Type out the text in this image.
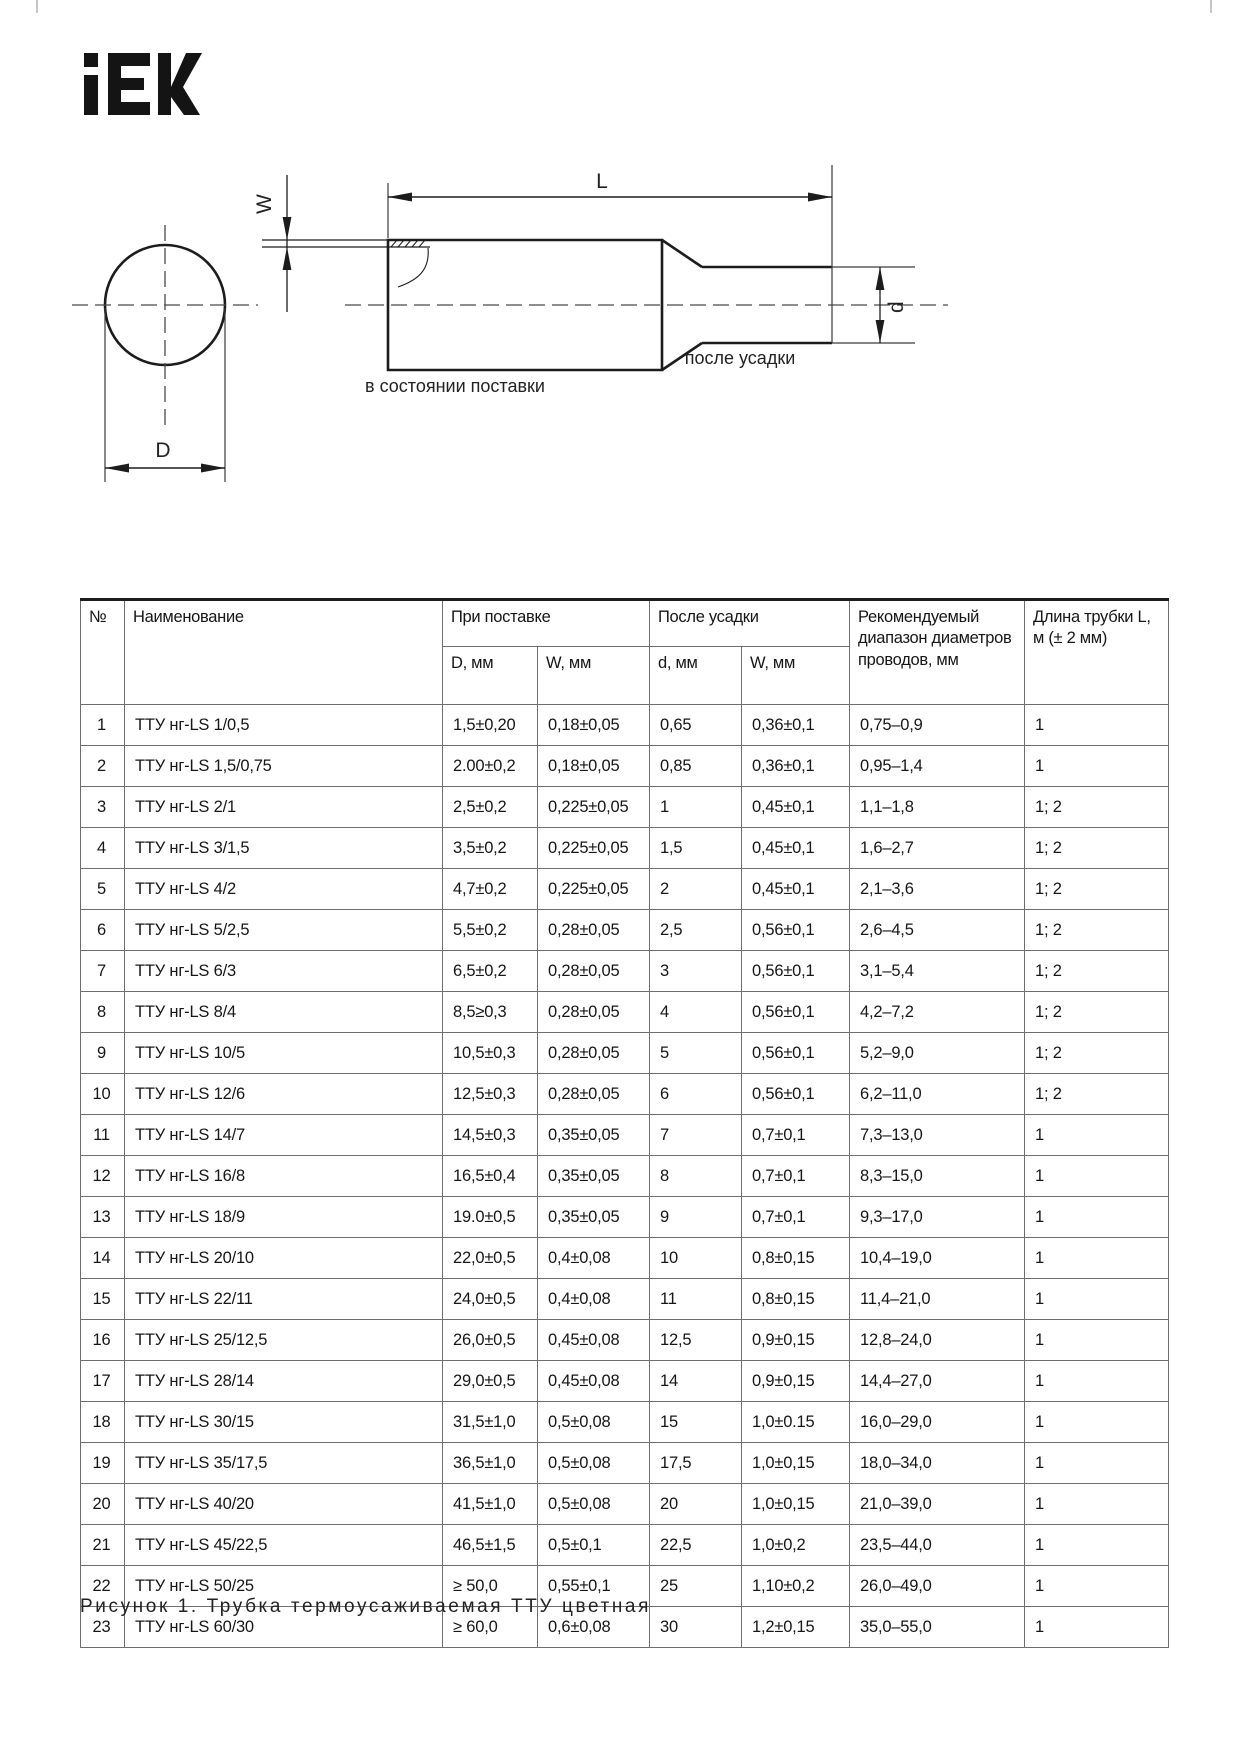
D
L
W
d
в состоянии поставки
после усадки
№	Наименование	При поставке		После усадки		Рекомендуемый диапазон диаметров проводов, мм	Длина трубки L, м (± 2 мм)
		D, мм	W, мм	d, мм	W, мм		
1	ТТУ нг-LS 1/0,5	1,5±0,20	0,18±0,05	0,65	0,36±0,1	0,75–0,9	1
2	ТТУ нг-LS 1,5/0,75	2.00±0,2	0,18±0,05	0,85	0,36±0,1	0,95–1,4	1
3	ТТУ нг-LS 2/1	2,5±0,2	0,225±0,05	1	0,45±0,1	1,1–1,8	1; 2
4	ТТУ нг-LS 3/1,5	3,5±0,2	0,225±0,05	1,5	0,45±0,1	1,6–2,7	1; 2
5	ТТУ нг-LS 4/2	4,7±0,2	0,225±0,05	2	0,45±0,1	2,1–3,6	1; 2
6	ТТУ нг-LS 5/2,5	5,5±0,2	0,28±0,05	2,5	0,56±0,1	2,6–4,5	1; 2
7	ТТУ нг-LS 6/3	6,5±0,2	0,28±0,05	3	0,56±0,1	3,1–5,4	1; 2
8	ТТУ нг-LS 8/4	8,5≥0,3	0,28±0,05	4	0,56±0,1	4,2–7,2	1; 2
9	ТТУ нг-LS 10/5	10,5±0,3	0,28±0,05	5	0,56±0,1	5,2–9,0	1; 2
10	ТТУ нг-LS 12/6	12,5±0,3	0,28±0,05	6	0,56±0,1	6,2–11,0	1; 2
11	ТТУ нг-LS 14/7	14,5±0,3	0,35±0,05	7	0,7±0,1	7,3–13,0	1
12	ТТУ нг-LS 16/8	16,5±0,4	0,35±0,05	8	0,7±0,1	8,3–15,0	1
13	ТТУ нг-LS 18/9	19.0±0,5	0,35±0,05	9	0,7±0,1	9,3–17,0	1
14	ТТУ нг-LS 20/10	22,0±0,5	0,4±0,08	10	0,8±0,15	10,4–19,0	1
15	ТТУ нг-LS 22/11	24,0±0,5	0,4±0,08	11	0,8±0,15	11,4–21,0	1
16	ТТУ нг-LS 25/12,5	26,0±0,5	0,45±0,08	12,5	0,9±0,15	12,8–24,0	1
17	ТТУ нг-LS 28/14	29,0±0,5	0,45±0,08	14	0,9±0,15	14,4–27,0	1
18	ТТУ нг-LS 30/15	31,5±1,0	0,5±0,08	15	1,0±0.15	16,0–29,0	1
19	ТТУ нг-LS 35/17,5	36,5±1,0	0,5±0,08	17,5	1,0±0,15	18,0–34,0	1
20	ТТУ нг-LS 40/20	41,5±1,0	0,5±0,08	20	1,0±0,15	21,0–39,0	1
21	ТТУ нг-LS 45/22,5	46,5±1,5	0,5±0,1	22,5	1,0±0,2	23,5–44,0	1
22	ТТУ нг-LS 50/25	≥ 50,0	0,55±0,1	25	1,10±0,2	26,0–49,0	1
23	ТТУ нг-LS 60/30	≥ 60,0	0,6±0,08	30	1,2±0,15	35,0–55,0	1
Рисунок 1. Трубка термоусаживаемая ТТУ цветная
